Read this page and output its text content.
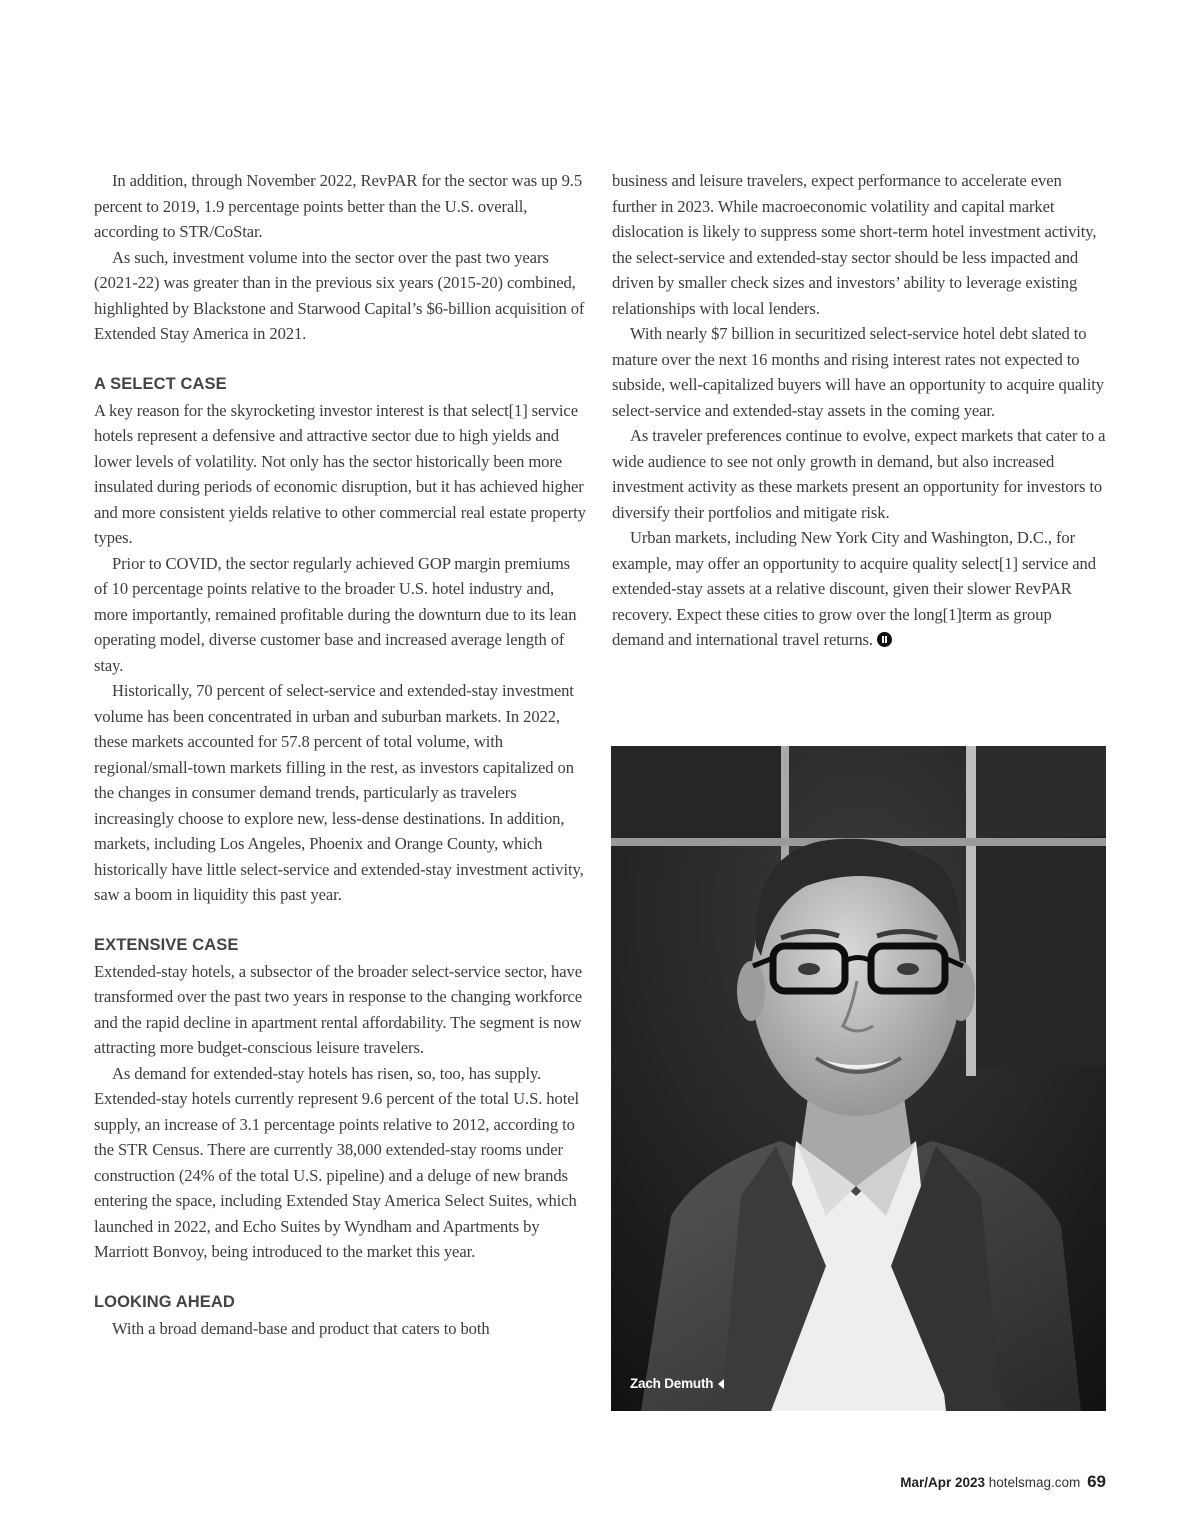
In addition, through November 2022, RevPAR for the sector was up 9.5 percent to 2019, 1.9 percentage points better than the U.S. overall, according to STR/CoStar.

As such, investment volume into the sector over the past two years (2021-22) was greater than in the previous six years (2015-20) combined, highlighted by Blackstone and Starwood Capital’s $6-billion acquisition of Extended Stay America in 2021.

A SELECT CASE

A key reason for the skyrocketing investor interest is that select[1] service hotels represent a defensive and attractive sector due to high yields and lower levels of volatility. Not only has the sector historically been more insulated during periods of economic disruption, but it has achieved higher and more consistent yields relative to other commercial real estate property types.

Prior to COVID, the sector regularly achieved GOP margin premiums of 10 percentage points relative to the broader U.S. hotel industry and, more importantly, remained profitable during the downturn due to its lean operating model, diverse customer base and increased average length of stay.

Historically, 70 percent of select-service and extended-stay investment volume has been concentrated in urban and suburban markets. In 2022, these markets accounted for 57.8 percent of total volume, with regional/small-town markets filling in the rest, as investors capitalized on the changes in consumer demand trends, particularly as travelers increasingly choose to explore new, less-dense destinations. In addition, markets, including Los Angeles, Phoenix and Orange County, which historically have little select-service and extended-stay investment activity, saw a boom in liquidity this past year.

EXTENSIVE CASE

Extended-stay hotels, a subsector of the broader select-service sector, have transformed over the past two years in response to the changing workforce and the rapid decline in apartment rental affordability. The segment is now attracting more budget-conscious leisure travelers.

As demand for extended-stay hotels has risen, so, too, has supply. Extended-stay hotels currently represent 9.6 percent of the total U.S. hotel supply, an increase of 3.1 percentage points relative to 2012, according to the STR Census. There are currently 38,000 extended-stay rooms under construction (24% of the total U.S. pipeline) and a deluge of new brands entering the space, including Extended Stay America Select Suites, which launched in 2022, and Echo Suites by Wyndham and Apartments by Marriott Bonvoy, being introduced to the market this year.

LOOKING AHEAD

With a broad demand-base and product that caters to both

business and leisure travelers, expect performance to accelerate even further in 2023. While macroeconomic volatility and capital market dislocation is likely to suppress some short-term hotel investment activity, the select-service and extended-stay sector should be less impacted and driven by smaller check sizes and investors’ ability to leverage existing relationships with local lenders.

With nearly $7 billion in securitized select-service hotel debt slated to mature over the next 16 months and rising interest rates not expected to subside, well-capitalized buyers will have an opportunity to acquire quality select-service and extended-stay assets in the coming year.

As traveler preferences continue to evolve, expect markets that cater to a wide audience to see not only growth in demand, but also increased investment activity as these markets present an opportunity for investors to diversify their portfolios and mitigate risk.

Urban markets, including New York City and Washington, D.C., for example, may offer an opportunity to acquire quality select[1] service and extended-stay assets at a relative discount, given their slower RevPAR recovery. Expect these cities to grow over the long[1]term as group demand and international travel returns.

Zach Demuth
Mar/Apr 2023 hotelsmag.com 69
